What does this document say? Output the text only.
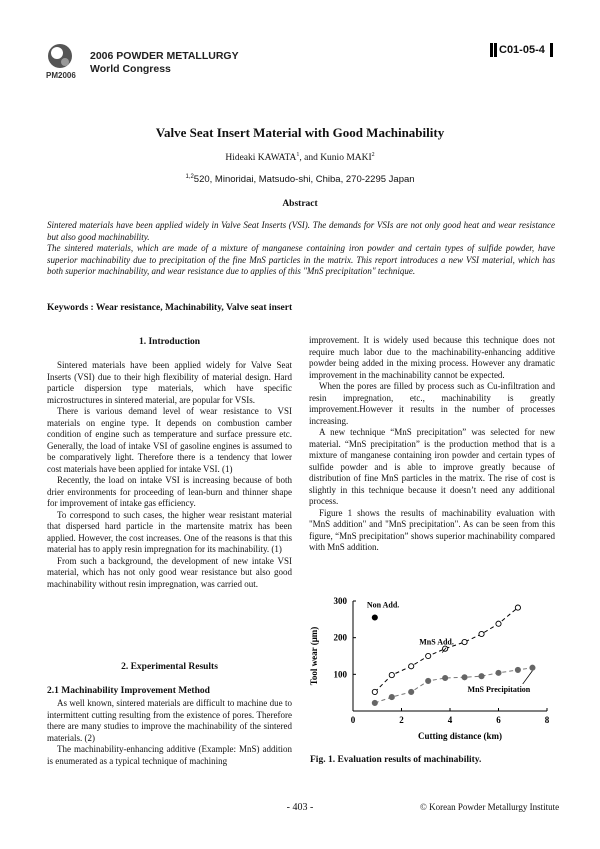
PM2006
2006 POWDER METALLURGY
World Congress
C01-05-4
Valve Seat Insert Material with Good Machinability
Hideaki KAWATA$^1$, and Kunio MAKI$^2$
$^{1,2}$520, Minoridai, Matsudo-shi, Chiba, 270-2295 Japan
Abstract

Sintered materials have been applied widely in Valve Seat Inserts (VSI). The demands for VSIs are not only good heat and wear resistance but also good machinability.

The sintered materials, which are made of a mixture of manganese containing iron powder and certain types of sulfide powder, have superior machinability due to precipitation of the fine MnS particles in the matrix. This report introduces a new VSI material, which has both superior machinability, and wear resistance due to applies of this "MnS precipitation" technique.

Keywords : Wear resistance, Machinability, Valve seat insert
1. Introduction

Sintered materials have been applied widely for Valve Seat Inserts (VSI) due to their high flexibility of material design. Hard particle dispersion type materials, which have specific microstructures in sintered material, are popular for VSIs.

There is various demand level of wear resistance to VSI materials on engine type. It depends on combustion camber condition of engine such as temperature and surface pressure etc. Generally, the load of intake VSI of gasoline engines is assumed to be comparatively light. Therefore there is a tendency that lower cost materials have been applied for intake VSI. (1)

Recently, the load on intake VSI is increasing because of both drier environments for proceeding of lean-burn and thinner shape for improvement of intake gas efficiency.

To correspond to such cases, the higher wear resistant material that dispersed hard particle in the martensite matrix has been applied. However, the cost increases. One of the reasons is that this material has to apply resin impregnation for its machinability. (1)

From such a background, the development of new intake VSI material, which has not only good wear resistance but also good machinability without resin impregnation, was carried out.

2. Experimental Results
2.1 Machinability Improvement Method

As well known, sintered materials are difficult to machine due to intermittent cutting resulting from the existence of pores. Therefore there are many studies to improve the machinability of the sintered materials. (2)

The machinability-enhancing additive (Example: MnS) addition is enumerated as a typical technique of machining

improvement. It is widely used because this technique does not require much labor due to the machinability-enhancing additive powder being added in the mixing process. However any dramatic improvement in the machinability cannot be expected.

When the pores are filled by process such as Cu-infiltration and resin impregnation, etc., machinability is greatly improvement.However it results in the number of processes increasing.

A new technique “MnS precipitation” was selected for new material. “MnS precipitation” is the production method that is a mixture of manganese containing iron powder and certain types of sulfide powder and is able to improve greatly because of distribution of fine MnS particles in the matrix. The rise of cost is slightly in this technique because it doesn’t need any additional process.

Figure 1 shows the results of machinability evaluation with "MnS addition" and "MnS precipitation". As can be seen from this figure, “MnS precipitation” shows superior machinability compared with MnS addition.

0	2	4	6	8
100
200
300
Cutting distance (km)
Tool wear (μm)
Non Add.
MnS Add.
MnS Precipitation
Fig. 1. Evaluation results of machinability.
- 403 -	© Korean Powder Metallurgy Institute
